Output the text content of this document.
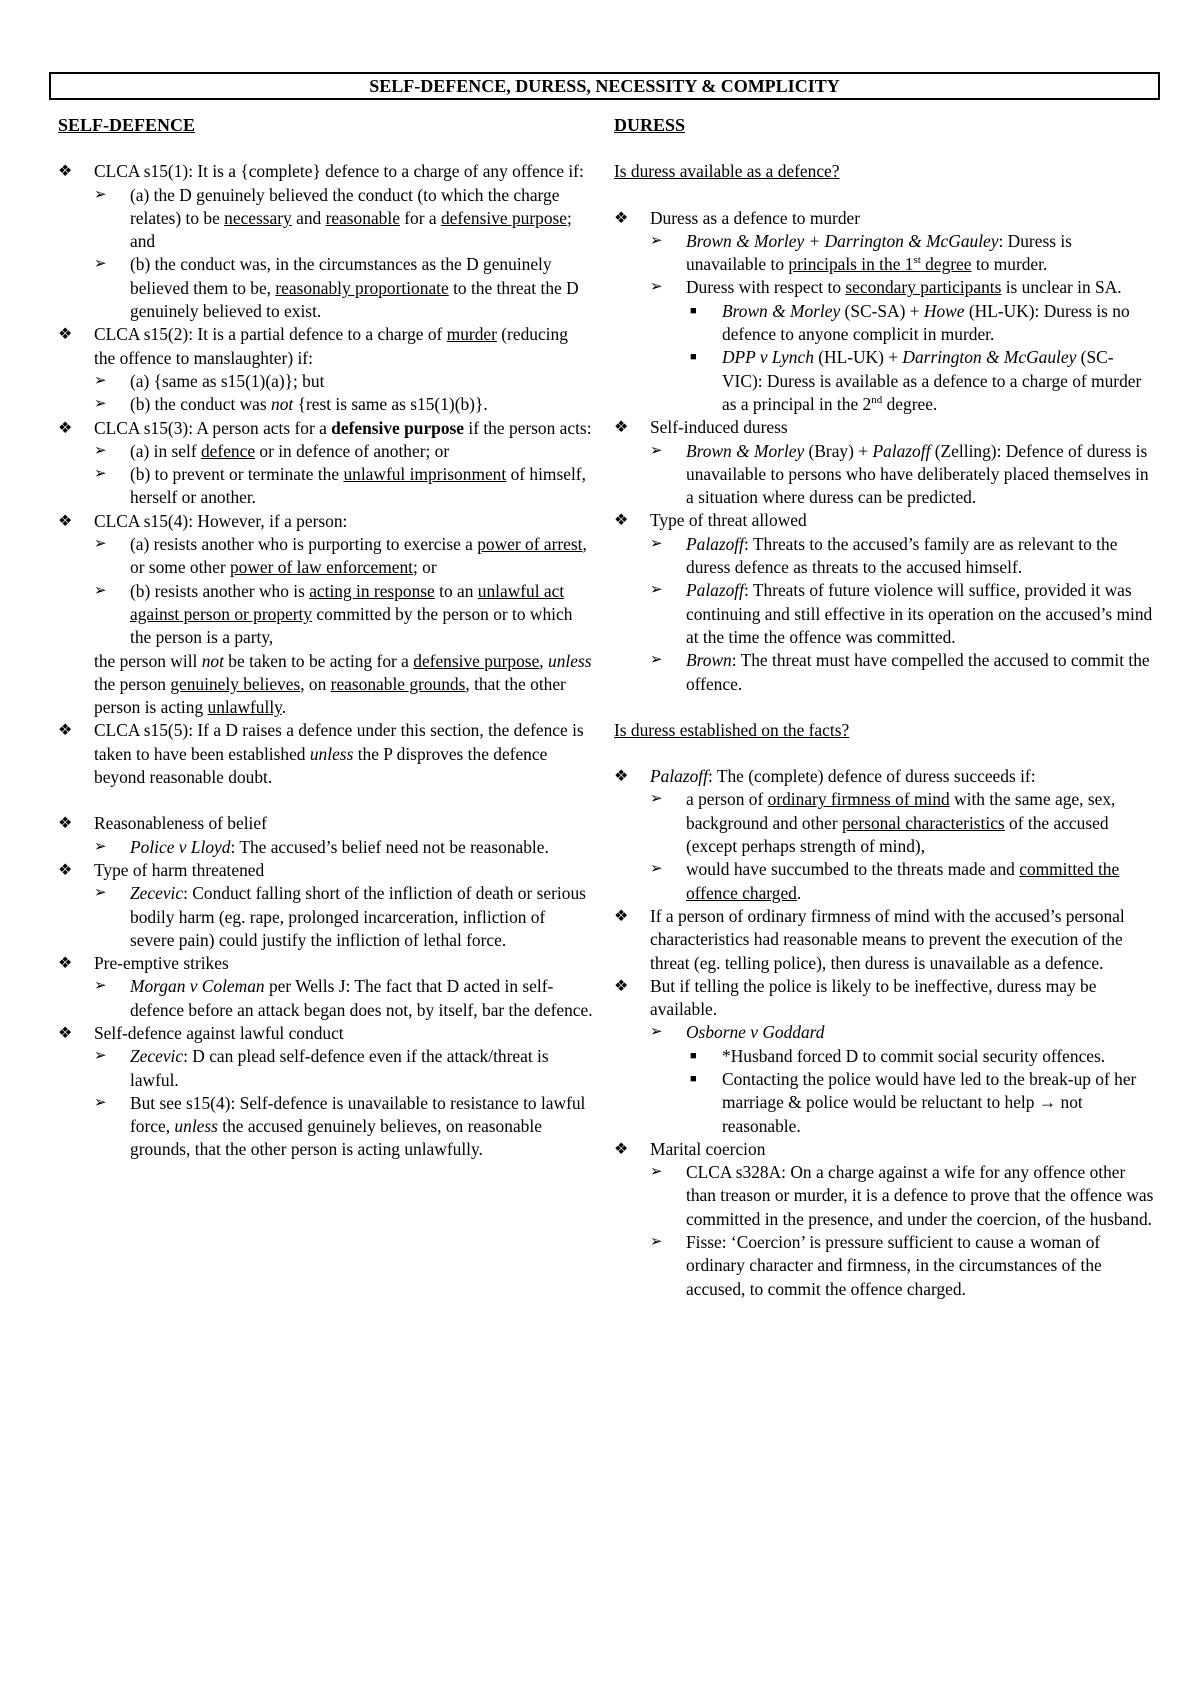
SELF-DEFENCE, DURESS, NECESSITY & COMPLICITY
SELF-DEFENCE
❖	CLCA s15(1): It is a {complete} defence to a charge of any offence if:
➢	(a) the D genuinely believed the conduct (to which the charge relates) to be necessary and reasonable for a defensive purpose; and
➢	(b) the conduct was, in the circumstances as the D genuinely believed them to be, reasonably proportionate to the threat the D genuinely believed to exist.
❖	CLCA s15(2): It is a partial defence to a charge of murder (reducing the offence to manslaughter) if:
➢	(a) {same as s15(1)(a)}; but
➢	(b) the conduct was not {rest is same as s15(1)(b)}.
❖	CLCA s15(3): A person acts for a defensive purpose if the person acts:
➢	(a) in self defence or in defence of another; or
➢	(b) to prevent or terminate the unlawful imprisonment of himself, herself or another.
❖	CLCA s15(4): However, if a person:
➢	(a) resists another who is purporting to exercise a power of arrest, or some other power of law enforcement; or
➢	(b) resists another who is acting in response to an unlawful act against person or property committed by the person or to which the person is a party,
the person will not be taken to be acting for a defensive purpose, unless the person genuinely believes, on reasonable grounds, that the other person is acting unlawfully.
❖	CLCA s15(5): If a D raises a defence under this section, the defence is taken to have been established unless the P disproves the defence beyond reasonable doubt.
❖	Reasonableness of belief
➢	Police v Lloyd: The accused’s belief need not be reasonable.
❖	Type of harm threatened
➢	Zecevic: Conduct falling short of the infliction of death or serious bodily harm (eg. rape, prolonged incarceration, infliction of severe pain) could justify the infliction of lethal force.
❖	Pre-emptive strikes
➢	Morgan v Coleman per Wells J: The fact that D acted in self-defence before an attack began does not, by itself, bar the defence.
❖	Self-defence against lawful conduct
➢	Zecevic: D can plead self-defence even if the attack/threat is lawful.
➢	But see s15(4): Self-defence is unavailable to resistance to lawful force, unless the accused genuinely believes, on reasonable grounds, that the other person is acting unlawfully.
DURESS
Is duress available as a defence?
❖	Duress as a defence to murder
➢	Brown & Morley + Darrington & McGauley: Duress is unavailable to principals in the 1st degree to murder.
➢	Duress with respect to secondary participants is unclear in SA.
■	Brown & Morley (SC-SA) + Howe (HL-UK): Duress is no defence to anyone complicit in murder.
■	DPP v Lynch (HL-UK) + Darrington & McGauley (SC-VIC): Duress is available as a defence to a charge of murder as a principal in the 2nd degree.
❖	Self-induced duress
➢	Brown & Morley (Bray) + Palazoff (Zelling): Defence of duress is unavailable to persons who have deliberately placed themselves in a situation where duress can be predicted.
❖	Type of threat allowed
➢	Palazoff: Threats to the accused’s family are as relevant to the duress defence as threats to the accused himself.
➢	Palazoff: Threats of future violence will suffice, provided it was continuing and still effective in its operation on the accused’s mind at the time the offence was committed.
➢	Brown: The threat must have compelled the accused to commit the offence.
Is duress established on the facts?
❖	Palazoff: The (complete) defence of duress succeeds if:
➢	a person of ordinary firmness of mind with the same age, sex, background and other personal characteristics of the accused (except perhaps strength of mind),
➢	would have succumbed to the threats made and committed the offence charged.
❖	If a person of ordinary firmness of mind with the accused’s personal characteristics had reasonable means to prevent the execution of the threat (eg. telling police), then duress is unavailable as a defence.
❖	But if telling the police is likely to be ineffective, duress may be available.
➢	Osborne v Goddard
■	*Husband forced D to commit social security offences.
■	Contacting the police would have led to the break-up of her marriage & police would be reluctant to help → not reasonable.
❖	Marital coercion
➢	CLCA s328A: On a charge against a wife for any offence other than treason or murder, it is a defence to prove that the offence was committed in the presence, and under the coercion, of the husband.
➢	Fisse: ‘Coercion’ is pressure sufficient to cause a woman of ordinary character and firmness, in the circumstances of the accused, to commit the offence charged.
